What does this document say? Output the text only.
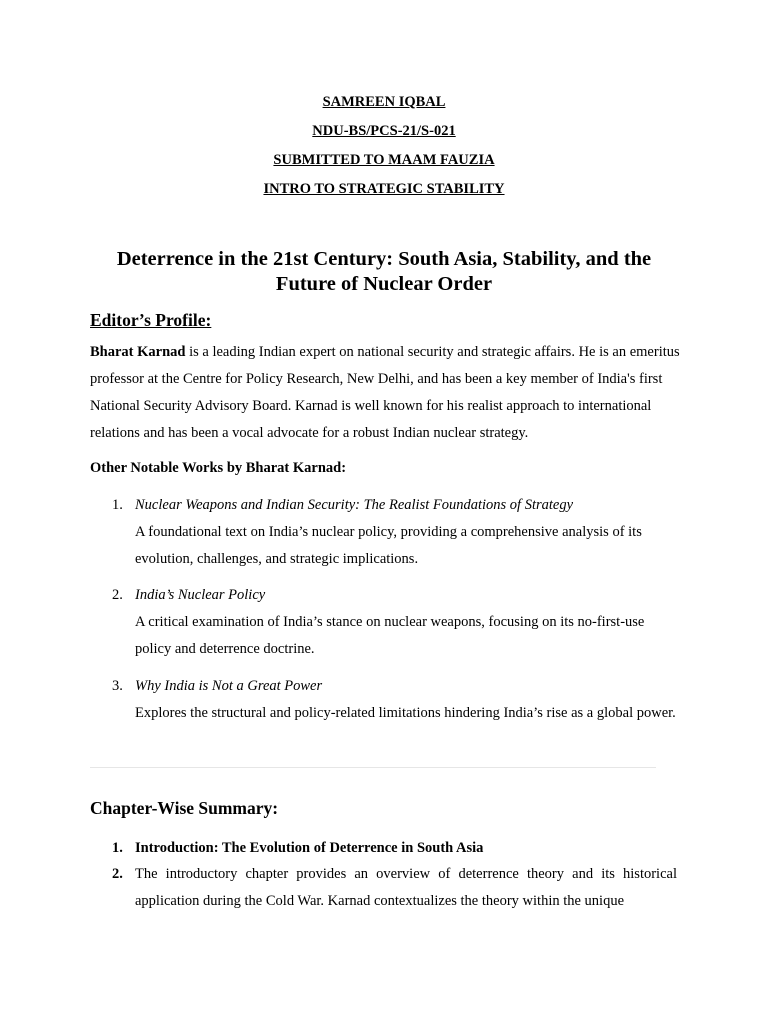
SAMREEN IQBAL
NDU-BS/PCS-21/S-021
SUBMITTED TO MAAM FAUZIA
INTRO TO STRATEGIC STABILITY
Deterrence in the 21st Century: South Asia, Stability, and the Future of Nuclear Order
Editor’s Profile:
Bharat Karnad is a leading Indian expert on national security and strategic affairs. He is an emeritus professor at the Centre for Policy Research, New Delhi, and has been a key member of India's first National Security Advisory Board. Karnad is well known for his realist approach to international relations and has been a vocal advocate for a robust Indian nuclear strategy.
Other Notable Works by Bharat Karnad:
1. Nuclear Weapons and Indian Security: The Realist Foundations of Strategy
A foundational text on India’s nuclear policy, providing a comprehensive analysis of its evolution, challenges, and strategic implications.
2. India’s Nuclear Policy
A critical examination of India’s stance on nuclear weapons, focusing on its no-first-use policy and deterrence doctrine.
3. Why India is Not a Great Power
Explores the structural and policy-related limitations hindering India’s rise as a global power.
Chapter-Wise Summary:
1. Introduction: The Evolution of Deterrence in South Asia
2. The introductory chapter provides an overview of deterrence theory and its historical application during the Cold War. Karnad contextualizes the theory within the unique
